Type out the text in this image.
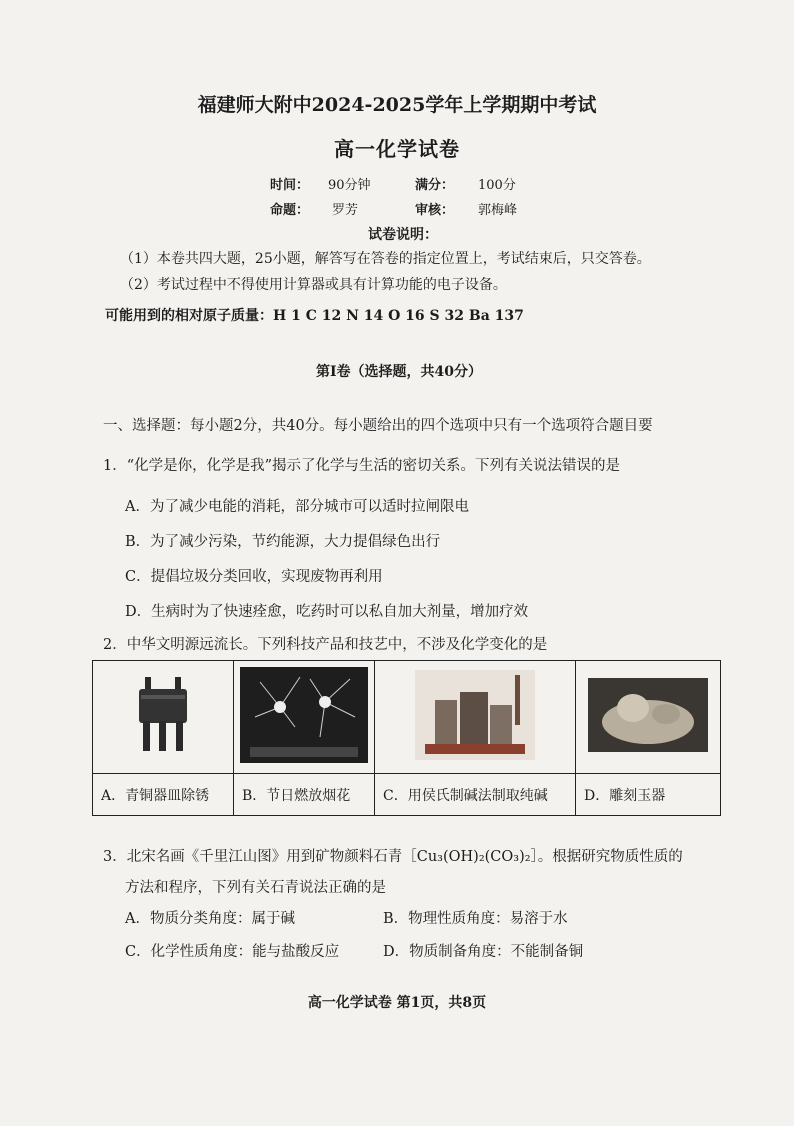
福建师大附中2024-2025学年上学期期中考试
高一化学试卷
时间： 90分钟	满分： 100分
命题： 罗芳	审核： 郭梅峰
试卷说明：
（1）本卷共四大题，25小题，解答写在答卷的指定位置上，考试结束后，只交答卷。
（2）考试过程中不得使用计算器或具有计算功能的电子设备。
可能用到的相对原子质量：H 1 C 12 N 14 O 16 S 32 Ba 137
第Ⅰ卷（选择题，共40分）
一、选择题：每小题2分，共40分。每小题给出的四个选项中只有一个选项符合题目要
1．“化学是你，化学是我”揭示了化学与生活的密切关系。下列有关说法错误的是
A．为了减少电能的消耗，部分城市可以适时拉闸限电
B．为了减少污染，节约能源，大力提倡绿色出行
C．提倡垃圾分类回收，实现废物再利用
D．生病时为了快速痊愈，吃药时可以私自加大剂量，增加疗效
2．中华文明源远流长。下列科技产品和技艺中，不涉及化学变化的是

A．青铜器皿除锈	B．节日燃放烟花	C．用侯氏制碱法制取纯碱	D．雕刻玉器
3．北宋名画《千里江山图》用到矿物颜料石青［Cu₃(OH)₂(CO₃)₂］。根据研究物质性质的
方法和程序，下列有关石青说法正确的是
A．物质分类角度：属于碱	B．物理性质角度：易溶于水
C．化学性质角度：能与盐酸反应	D．物质制备角度：不能制备铜
高一化学试卷 第1页，共8页
